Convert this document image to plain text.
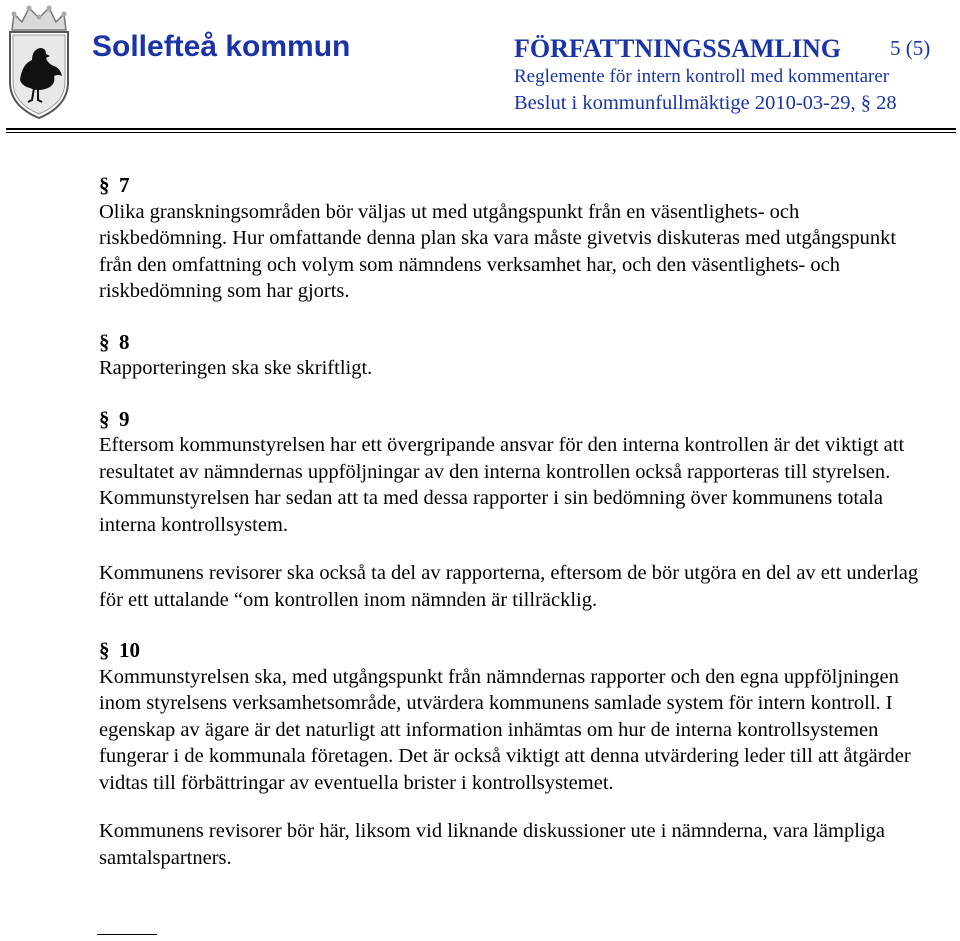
Sollefteå kommun	FÖRFATTNINGSSAMLING 5 (5)
Reglemente för intern kontroll med kommentarer
Beslut i kommunfullmäktige 2010-03-29, § 28
§ 7

Olika granskningsområden bör väljas ut med utgångspunkt från en väsentlighets- och riskbedömning. Hur omfattande denna plan ska vara måste givetvis diskuteras med utgångspunkt från den omfattning och volym som nämndens verksamhet har, och den väsentlighets- och riskbedömning som har gjorts.

§ 8

Rapporteringen ska ske skriftligt.

§ 9

Eftersom kommunstyrelsen har ett övergripande ansvar för den interna kontrollen är det viktigt att resultatet av nämndernas uppföljningar av den interna kontrollen också rapporteras till styrelsen. Kommunstyrelsen har sedan att ta med dessa rapporter i sin bedömning över kommunens totala interna kontrollsystem.

Kommunens revisorer ska också ta del av rapporterna, eftersom de bör utgöra en del av ett underlag för ett uttalande “om kontrollen inom nämnden är tillräcklig.

§ 10

Kommunstyrelsen ska, med utgångspunkt från nämndernas rapporter och den egna uppföljningen inom styrelsens verksamhetsområde, utvärdera kommunens samlade system för intern kontroll. I egenskap av ägare är det naturligt att information inhämtas om hur de interna kontrollsystemen fungerar i de kommunala företagen. Det är också viktigt att denna utvärdering leder till att åtgärder vidtas till förbättringar av eventuella brister i kontrollsystemet.

Kommunens revisorer bör här, liksom vid liknande diskussioner ute i nämnderna, vara lämpliga samtalspartners.
